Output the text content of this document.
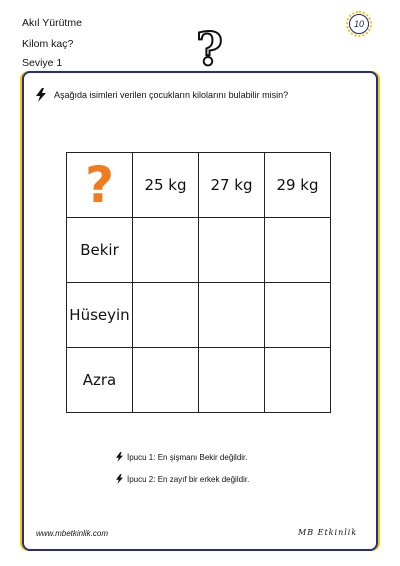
Akıl Yürütme
Kilom kaç?
Seviye 1	?	10
Aşağıda isimleri verilen çocukların kilolarını bulabilir misin?
?	25 kg	27 kg	29 kg
Bekir			
Hüseyin			
Azra			
İpucu 1: En şişmanı Bekir değildir.
İpucu 2: En zayıf bir erkek değildir.
www.mbetkinlik.com	MB Etkinlik
